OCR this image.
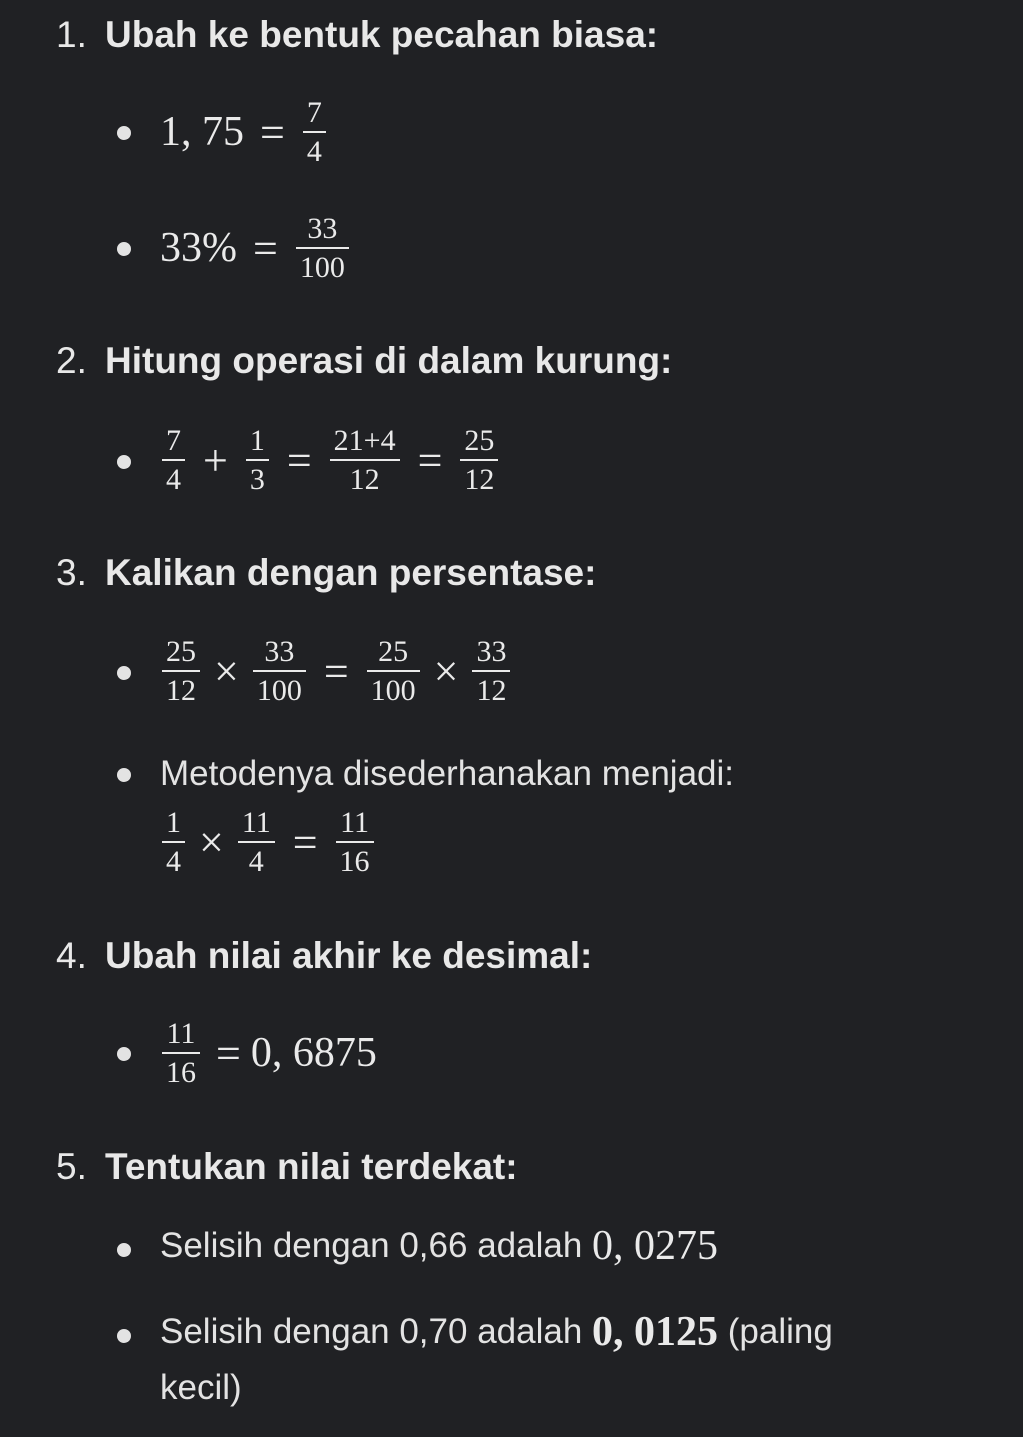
1. Ubah ke bentuk pecahan biasa:
1, $75 = \frac{7}{4}$
$33\% = \frac{33}{100}$
2. Hitung operasi di dalam kurung:
$\frac{7}{4} + \frac{1}{3} = \frac{21+4}{12} = \frac{25}{12}$
3. Kalikan dengan persentase:
$\frac{25}{12} \times \frac{33}{100} = \frac{25}{100} \times \frac{33}{12}$
Metodenya disederhanakan menjadi:
$\frac{1}{4} \times \frac{11}{4} = \frac{11}{16}$
4. Ubah nilai akhir ke desimal:
$\frac{11}{16} = 0$, 6875
5. Tentukan nilai terdekat:
Selisih dengan 0,66 adalah 0, 0275
Selisih dengan 0,70 adalah 0, 0125 (paling
kecil)
